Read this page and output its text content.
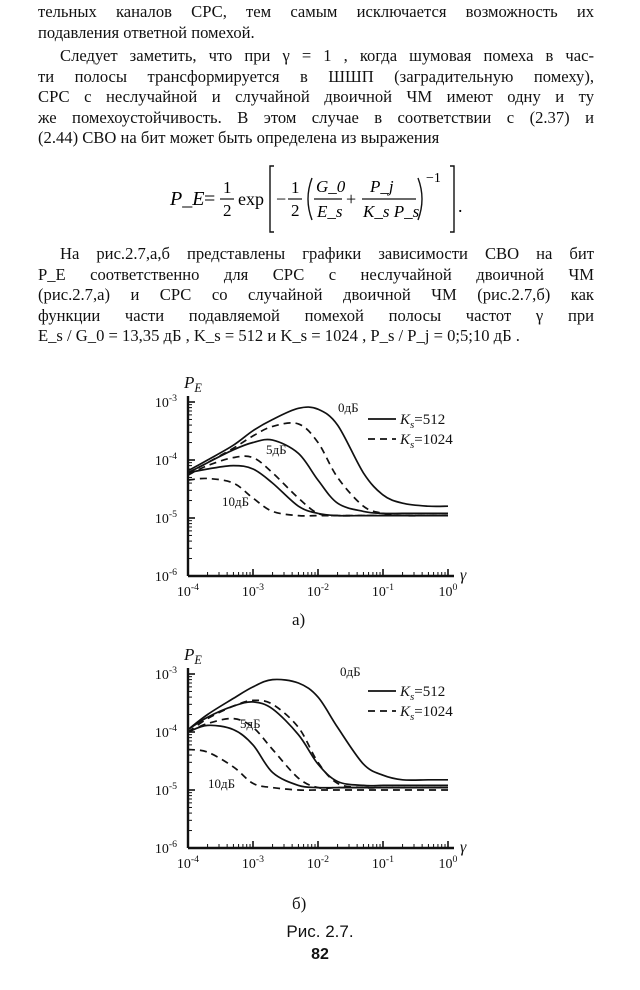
тельных каналов СРС, тем самым исключается возможность их
подавления ответной помехой.
Следует заметить, что при γ = 1 , когда шумовая помеха в час-
ти полосы трансформируется в ШШП (заградительную помеху),
СРС с неслучайной и случайной двоичной ЧМ имеют одну и ту
же помехоустойчивость. В этом случае в соответствии с (2.37) и
(2.44) СВО на бит может быть определена из выражения
P_E =
1
2
exp −
1
2
G_0
E_s
+
P_j
K_s P_s
−1
.
На рис.2.7,а,б представлены графики зависимости СВО на бит
P_E соответственно для СРС с неслучайной двоичной ЧМ
(рис.2.7,а) и СРС со случайной двоичной ЧМ (рис.2.7,б) как
функции части подавляемой помехой полосы частот γ при
E_s / G_0 = 13,35 дБ , K_s = 512 и K_s = 1024 , P_s / P_j = 0;5;10 дБ .
$10^{-3}$
$10^{-4}$
$10^{-5}$
$10^{-6}$
$10^{-4}$	$10^{-3}$	$10^{-2}$	$10^{-1}$	$10^0$
$P_E$
γ
0дБ
5дБ
10дБ
$K_s=512$
$K_s=1024$
а)
$10^{-3}$
$10^{-4}$
$10^{-5}$
$10^{-6}$
$10^{-4}$	$10^{-3}$	$10^{-2}$	$10^{-1}$	$10^0$
$P_E$
γ
0дБ
5дБ
10дБ
$K_s=512$
$K_s=1024$
б)
Рис. 2.7.
82
